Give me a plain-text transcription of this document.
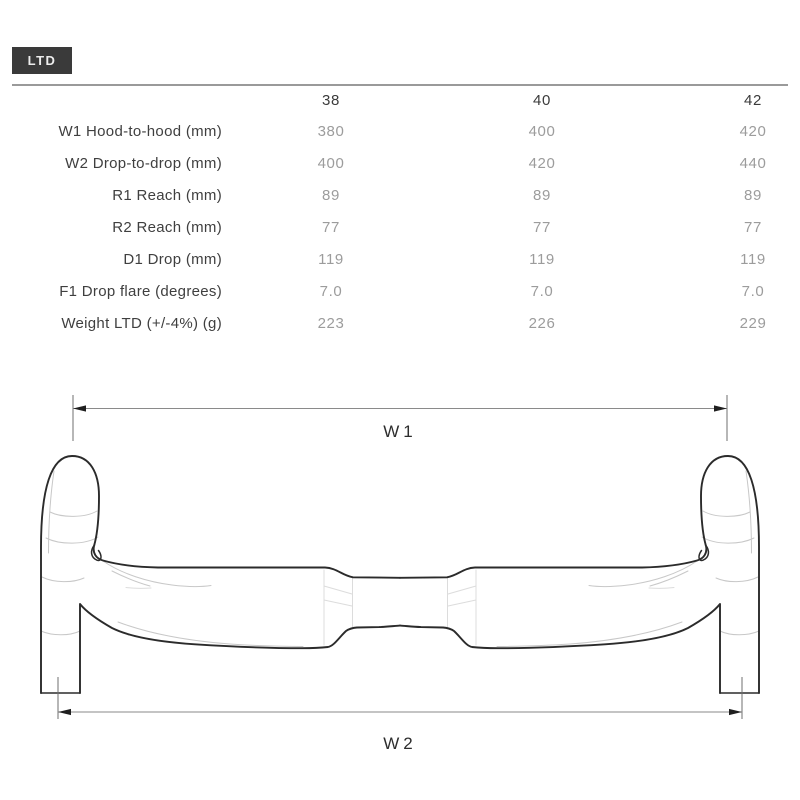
LTD
38	40	42
W1 Hood-to-hood (mm)	380	400	420
W2 Drop-to-drop (mm)	400	420	440
R1 Reach (mm)	89	89	89
R2 Reach (mm)	77	77	77
D1 Drop (mm)	119	119	119
F1 Drop flare (degrees)	7.0	7.0	7.0
Weight LTD (+/-4%) (g)	223	226	229
W1
W2
